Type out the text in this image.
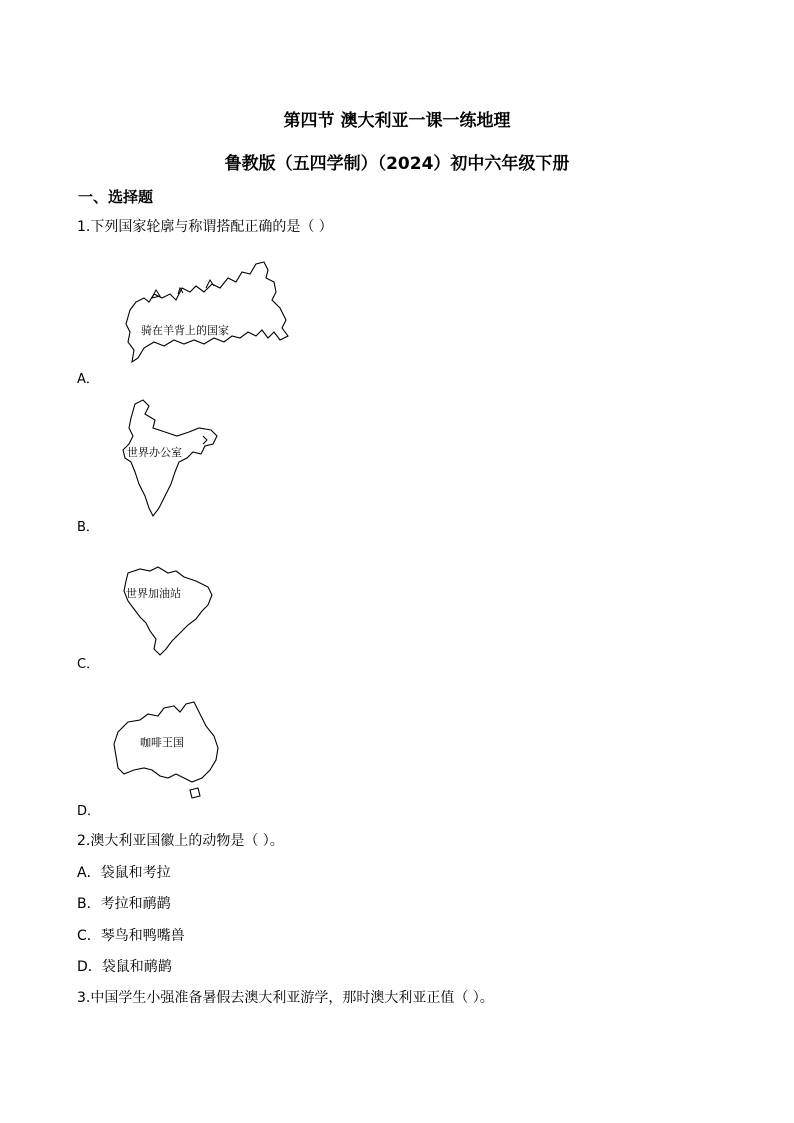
第四节 澳大利亚一课一练地理
鲁教版（五四学制）（2024）初中六年级下册
一、选择题
1.下列国家轮廓与称谓搭配正确的是（ ）
骑在羊背上的国家
A．
世界办公室
B．
世界加油站
C．
咖啡王国
D．
2.澳大利亚国徽上的动物是（ ）。
A．袋鼠和考拉
B．考拉和鸸鹋
C．琴鸟和鸭嘴兽
D．袋鼠和鸸鹋
3.中国学生小强准备暑假去澳大利亚游学，那时澳大利亚正值（ ）。
